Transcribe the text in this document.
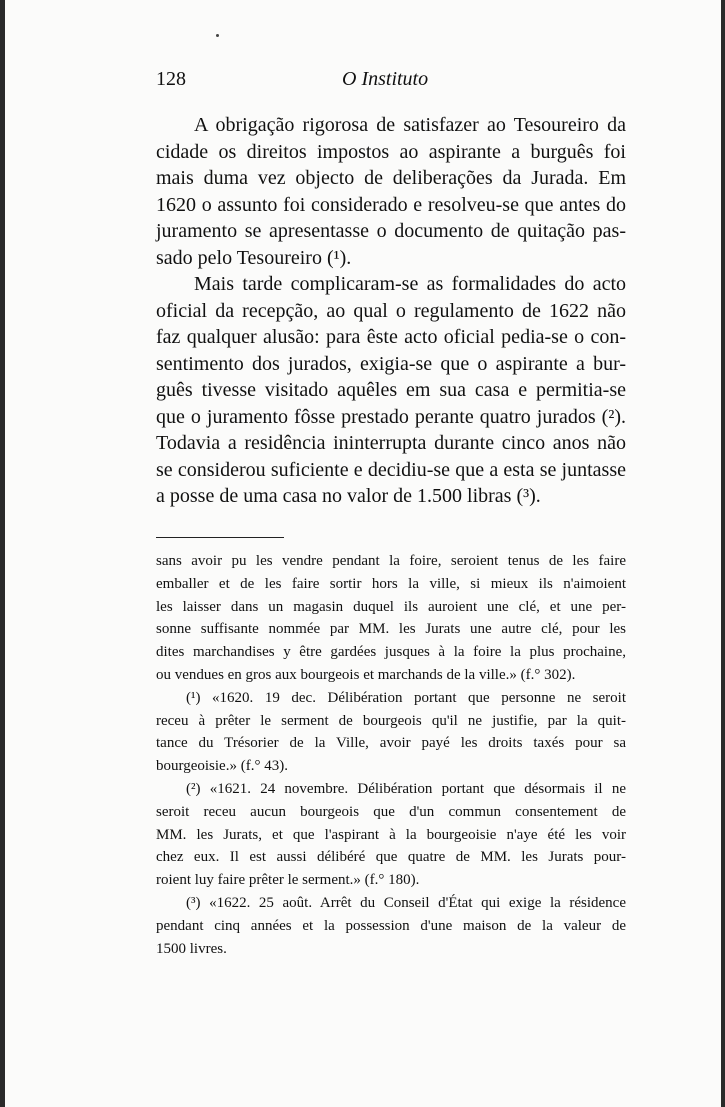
128	O Instituto
A obrigação rigorosa de satisfazer ao Tesoureiro da
cidade os direitos impostos ao aspirante a burguês foi
mais duma vez objecto de deliberações da Jurada. Em
1620 o assunto foi considerado e resolveu-se que antes do
juramento se apresentasse o documento de quitação pas-
sado pelo Tesoureiro (¹).
Mais tarde complicaram-se as formalidades do acto
oficial da recepção, ao qual o regulamento de 1622 não
faz qualquer alusão: para êste acto oficial pedia-se o con-
sentimento dos jurados, exigia-se que o aspirante a bur-
guês tivesse visitado aquêles em sua casa e permitia-se
que o juramento fôsse prestado perante quatro jurados (²).
Todavia a residência ininterrupta durante cinco anos não
se considerou suficiente e decidiu-se que a esta se juntasse
a posse de uma casa no valor de 1.500 libras (³).
sans avoir pu les vendre pendant la foire, seroient tenus de les faire
emballer et de les faire sortir hors la ville, si mieux ils n'aimoient
les laisser dans un magasin duquel ils auroient une clé, et une per-
sonne suffisante nommée par MM. les Jurats une autre clé, pour les
dites marchandises y être gardées jusques à la foire la plus prochaine,
ou vendues en gros aux bourgeois et marchands de la ville.» (f.° 302).
(¹) «1620. 19 dec. Délibération portant que personne ne seroit
receu à prêter le serment de bourgeois qu'il ne justifie, par la quit-
tance du Trésorier de la Ville, avoir payé les droits taxés pour sa
bourgeoisie.» (f.° 43).
(²) «1621. 24 novembre. Délibération portant que désormais il ne
seroit receu aucun bourgeois que d'un commun consentement de
MM. les Jurats, et que l'aspirant à la bourgeoisie n'aye été les voir
chez eux. Il est aussi délibéré que quatre de MM. les Jurats pour-
roient luy faire prêter le serment.» (f.° 180).
(³) «1622. 25 août. Arrêt du Conseil d'État qui exige la résidence
pendant cinq années et la possession d'une maison de la valeur de
1500 livres.
